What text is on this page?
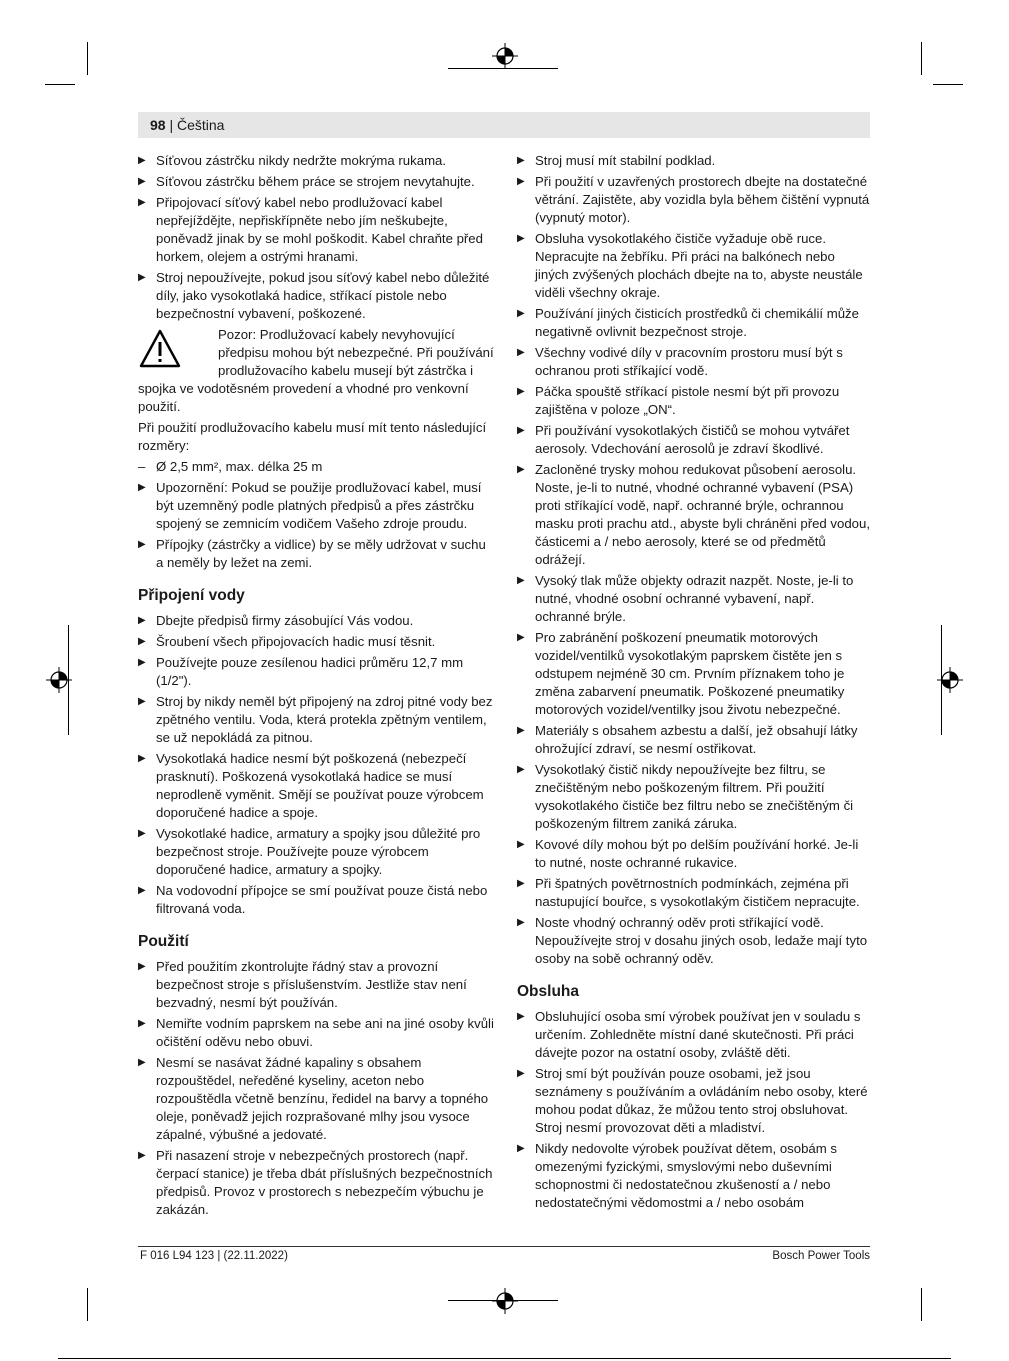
98 | Čeština
▶ Síťovou zástrčku nikdy nedržte mokrýma rukama.
▶ Síťovou zástrčku během práce se strojem nevytahujte.
▶ Připojovací síťový kabel nebo prodlužovací kabel nepřejíždějte, nepřiskřípněte nebo jím neškubejte, poněvadž jinak by se mohl poškodit. Kabel chraňte před horkem, olejem a ostrými hranami.
▶ Stroj nepoužívejte, pokud jsou síťový kabel nebo důležité díly, jako vysokotlaká hadice, stříkací pistole nebo bezpečnostní vybavení, poškozené.
Pozor: Prodlužovací kabely nevyhovující předpisu mohou být nebezpečné. Při používání prodlužovacího kabelu musejí být zástrčka i spojka ve vodotěsném provedení a vhodné pro venkovní použití.
Při použití prodlužovacího kabelu musí mít tento následující rozměry:
– Ø 2,5 mm², max. délka 25 m
▶ Upozornění: Pokud se použije prodlužovací kabel, musí být uzemněný podle platných předpisů a přes zástrčku spojený se zemnicím vodičem Vašeho zdroje proudu.
▶ Přípojky (zástrčky a vidlice) by se měly udržovat v suchu a neměly by ležet na zemi.
Připojení vody
▶ Dbejte předpisů firmy zásobující Vás vodou.
▶ Šroubení všech připojovacích hadic musí těsnit.
▶ Používejte pouze zesílenou hadici průměru 12,7 mm (1/2").
▶ Stroj by nikdy neměl být připojený na zdroj pitné vody bez zpětného ventilu. Voda, která protekla zpětným ventilem, se už nepokládá za pitnou.
▶ Vysokotlaká hadice nesmí být poškozená (nebezpečí prasknutí). Poškozená vysokotlaká hadice se musí neprodleně vyměnit. Smějí se používat pouze výrobcem doporučené hadice a spoje.
▶ Vysokotlaké hadice, armatury a spojky jsou důležité pro bezpečnost stroje. Používejte pouze výrobcem doporučené hadice, armatury a spojky.
▶ Na vodovodní přípojce se smí používat pouze čistá nebo filtrovaná voda.
Použití
▶ Před použitím zkontrolujte řádný stav a provozní bezpečnost stroje s příslušenstvím. Jestliže stav není bezvadný, nesmí být používán.
▶ Nemiřte vodním paprskem na sebe ani na jiné osoby kvůli očištění oděvu nebo obuvi.
▶ Nesmí se nasávat žádné kapaliny s obsahem rozpouštědel, neředěné kyseliny, aceton nebo rozpouštědla včetně benzínu, ředidel na barvy a topného oleje, poněvadž jejich rozprašované mlhy jsou vysoce zápalné, výbušné a jedovaté.
▶ Při nasazení stroje v nebezpečných prostorech (např. čerpací stanice) je třeba dbát příslušných bezpečnostních předpisů. Provoz v prostorech s nebezpečím výbuchu je zakázán.
▶ Stroj musí mít stabilní podklad.
▶ Při použití v uzavřených prostorech dbejte na dostatečné větrání. Zajistěte, aby vozidla byla během čištění vypnutá (vypnutý motor).
▶ Obsluha vysokotlakého čističe vyžaduje obě ruce. Nepracujte na žebříku. Při práci na balkónech nebo jiných zvýšených plochách dbejte na to, abyste neustále viděli všechny okraje.
▶ Používání jiných čisticích prostředků či chemikálií může negativně ovlivnit bezpečnost stroje.
▶ Všechny vodivé díly v pracovním prostoru musí být s ochranou proti stříkající vodě.
▶ Páčka spouště stříkací pistole nesmí být při provozu zajištěna v poloze „ON“.
▶ Při používání vysokotlakých čističů se mohou vytvářet aerosoly. Vdechování aerosolů je zdraví škodlivé.
▶ Zacloněné trysky mohou redukovat působení aerosolu. Noste, je-li to nutné, vhodné ochranné vybavení (PSA) proti stříkající vodě, např. ochranné brýle, ochrannou masku proti prachu atd., abyste byli chráněni před vodou, částicemi a / nebo aerosoly, které se od předmětů odrážejí.
▶ Vysoký tlak může objekty odrazit nazpět. Noste, je-li to nutné, vhodné osobní ochranné vybavení, např. ochranné brýle.
▶ Pro zabránění poškození pneumatik motorových vozidel/ventilků vysokotlakým paprskem čistěte jen s odstupem nejméně 30 cm. Prvním příznakem toho je změna zabarvení pneumatik. Poškozené pneumatiky motorových vozidel/ventilky jsou životu nebezpečné.
▶ Materiály s obsahem azbestu a další, jež obsahují látky ohrožující zdraví, se nesmí ostřikovat.
▶ Vysokotlaký čistič nikdy nepoužívejte bez filtru, se znečištěným nebo poškozeným filtrem. Při použití vysokotlakého čističe bez filtru nebo se znečištěným či poškozeným filtrem zaniká záruka.
▶ Kovové díly mohou být po delším používání horké. Je-li to nutné, noste ochranné rukavice.
▶ Při špatných povětrnostních podmínkách, zejména při nastupující bouřce, s vysokotlakým čističem nepracujte.
▶ Noste vhodný ochranný oděv proti stříkající vodě. Nepoužívejte stroj v dosahu jiných osob, ledaže mají tyto osoby na sobě ochranný oděv.
Obsluha
▶ Obsluhující osoba smí výrobek používat jen v souladu s určením. Zohledněte místní dané skutečnosti. Při práci dávejte pozor na ostatní osoby, zvláště děti.
▶ Stroj smí být používán pouze osobami, jež jsou seznámeny s používáním a ovládáním nebo osoby, které mohou podat důkaz, že můžou tento stroj obsluhovat. Stroj nesmí provozovat děti a mladiství.
▶ Nikdy nedovolte výrobek používat dětem, osobám s omezenými fyzickými, smyslovými nebo duševními schopnostmi či nedostatečnou zkušeností a / nebo nedostatečnými vědomostmi a / nebo osobám
F 016 L94 123 | (22.11.2022)	Bosch Power Tools
